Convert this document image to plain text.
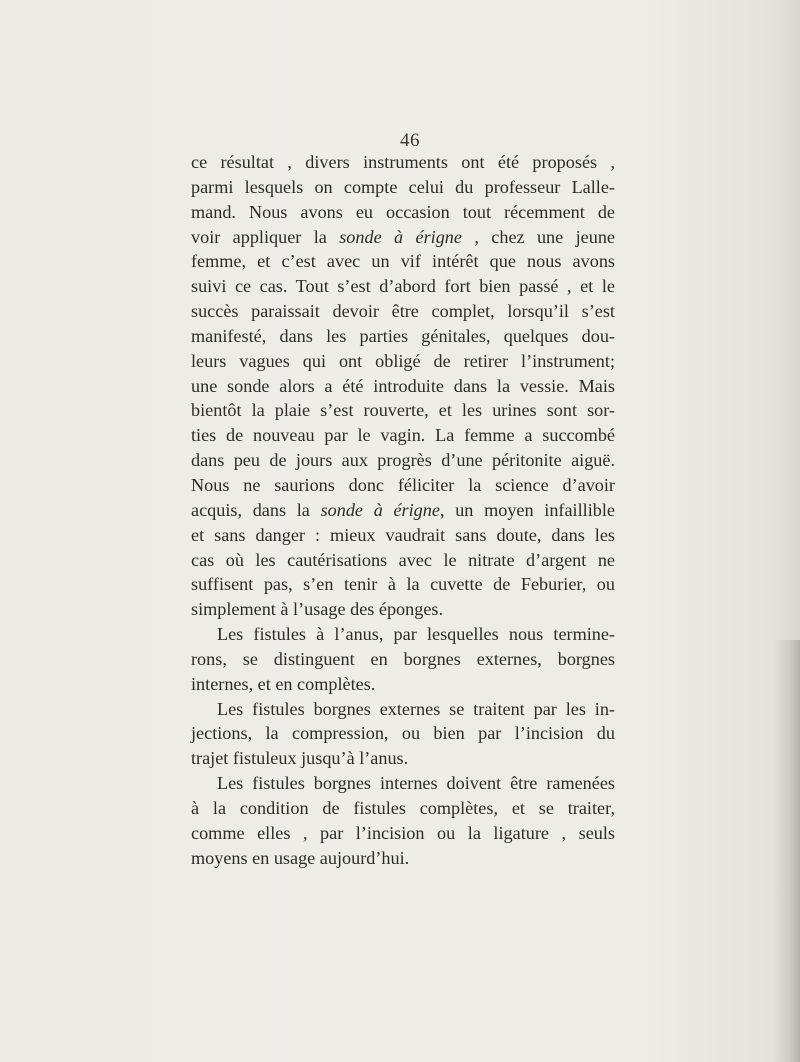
46
ce résultat , divers instruments ont été proposés ,
parmi lesquels on compte celui du professeur Lalle-
mand. Nous avons eu occasion tout récemment de
voir appliquer la sonde à érigne , chez une jeune
femme, et c’est avec un vif intérêt que nous avons
suivi ce cas. Tout s’est d’abord fort bien passé , et le
succès paraissait devoir être complet, lorsqu’il s’est
manifesté, dans les parties génitales, quelques dou-
leurs vagues qui ont obligé de retirer l’instrument;
une sonde alors a été introduite dans la vessie. Mais
bientôt la plaie s’est rouverte, et les urines sont sor-
ties de nouveau par le vagin. La femme a succombé
dans peu de jours aux progrès d’une péritonite aiguë.
Nous ne saurions donc féliciter la science d’avoir
acquis, dans la sonde à érigne, un moyen infaillible
et sans danger : mieux vaudrait sans doute, dans les
cas où les cautérisations avec le nitrate d’argent ne
suffisent pas, s’en tenir à la cuvette de Feburier, ou
simplement à l’usage des éponges.
Les fistules à l’anus, par lesquelles nous termine-
rons, se distinguent en borgnes externes, borgnes
internes, et en complètes.
Les fistules borgnes externes se traitent par les in-
jections, la compression, ou bien par l’incision du
trajet fistuleux jusqu’à l’anus.
Les fistules borgnes internes doivent être ramenées
à la condition de fistules complètes, et se traiter,
comme elles , par l’incision ou la ligature , seuls
moyens en usage aujourd’hui.
